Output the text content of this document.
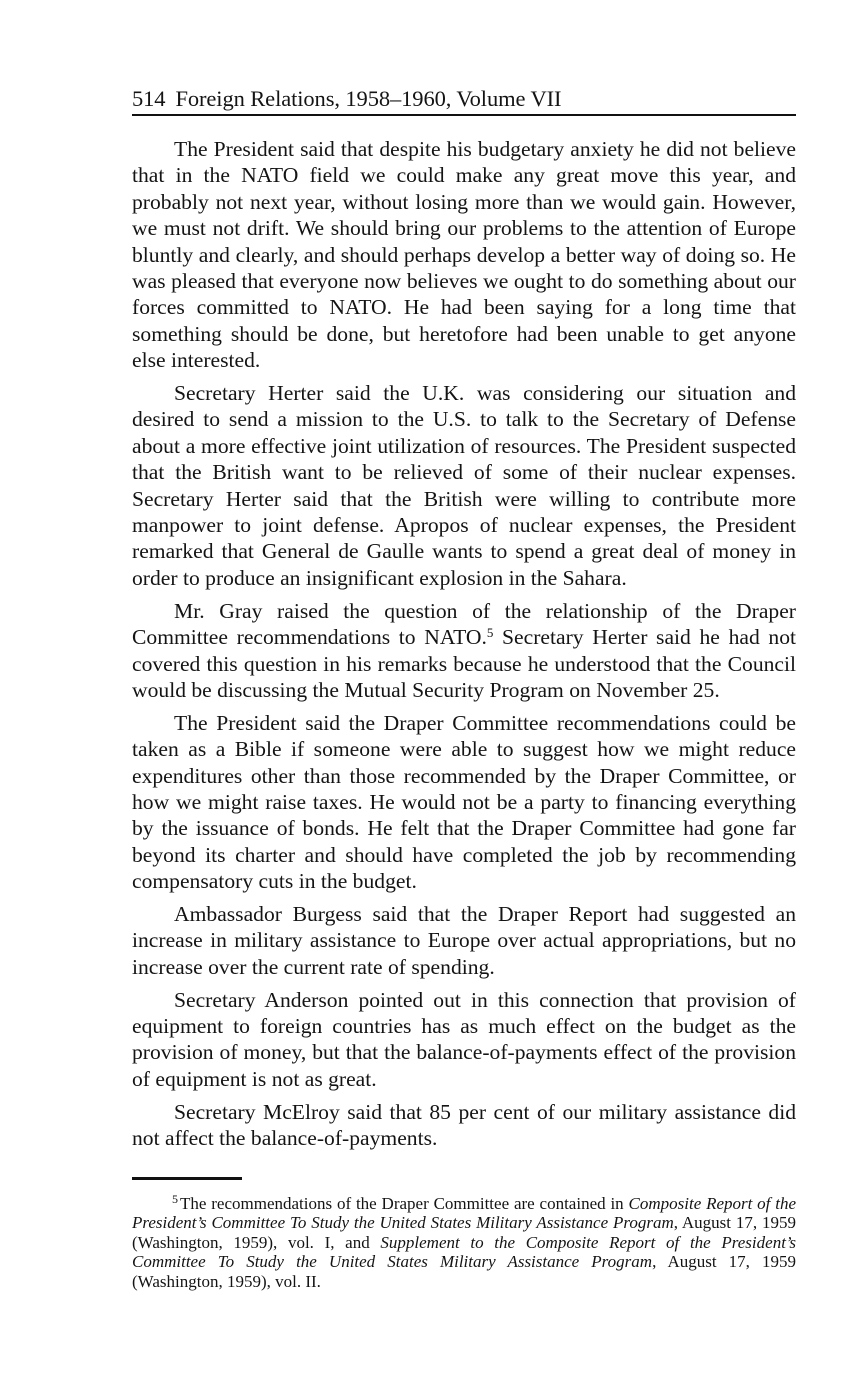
514 Foreign Relations, 1958–1960, Volume VII

The President said that despite his budgetary anxiety he did not believe that in the NATO field we could make any great move this year, and probably not next year, without losing more than we would gain. However, we must not drift. We should bring our problems to the attention of Europe bluntly and clearly, and should perhaps develop a better way of doing so. He was pleased that everyone now believes we ought to do something about our forces committed to NATO. He had been saying for a long time that something should be done, but heretofore had been unable to get anyone else interested.

Secretary Herter said the U.K. was considering our situation and desired to send a mission to the U.S. to talk to the Secretary of Defense about a more effective joint utilization of resources. The President suspected that the British want to be relieved of some of their nuclear expenses. Secretary Herter said that the British were willing to contribute more manpower to joint defense. Apropos of nuclear expenses, the President remarked that General de Gaulle wants to spend a great deal of money in order to produce an insignificant explosion in the Sahara.

Mr. Gray raised the question of the relationship of the Draper Committee recommendations to NATO.$^5$ Secretary Herter said he had not covered this question in his remarks because he understood that the Council would be discussing the Mutual Security Program on November 25.

The President said the Draper Committee recommendations could be taken as a Bible if someone were able to suggest how we might reduce expenditures other than those recommended by the Draper Committee, or how we might raise taxes. He would not be a party to financing everything by the issuance of bonds. He felt that the Draper Committee had gone far beyond its charter and should have completed the job by recommending compensatory cuts in the budget.

Ambassador Burgess said that the Draper Report had suggested an increase in military assistance to Europe over actual appropriations, but no increase over the current rate of spending.

Secretary Anderson pointed out in this connection that provision of equipment to foreign countries has as much effect on the budget as the provision of money, but that the balance-of-payments effect of the provision of equipment is not as great.

Secretary McElroy said that 85 per cent of our military assistance did not affect the balance-of-payments.

$^5$ The recommendations of the Draper Committee are contained in Composite Report of the President’s Committee To Study the United States Military Assistance Program, August 17, 1959 (Washington, 1959), vol. I, and Supplement to the Composite Report of the President’s Committee To Study the United States Military Assistance Program, August 17, 1959 (Washington, 1959), vol. II.
